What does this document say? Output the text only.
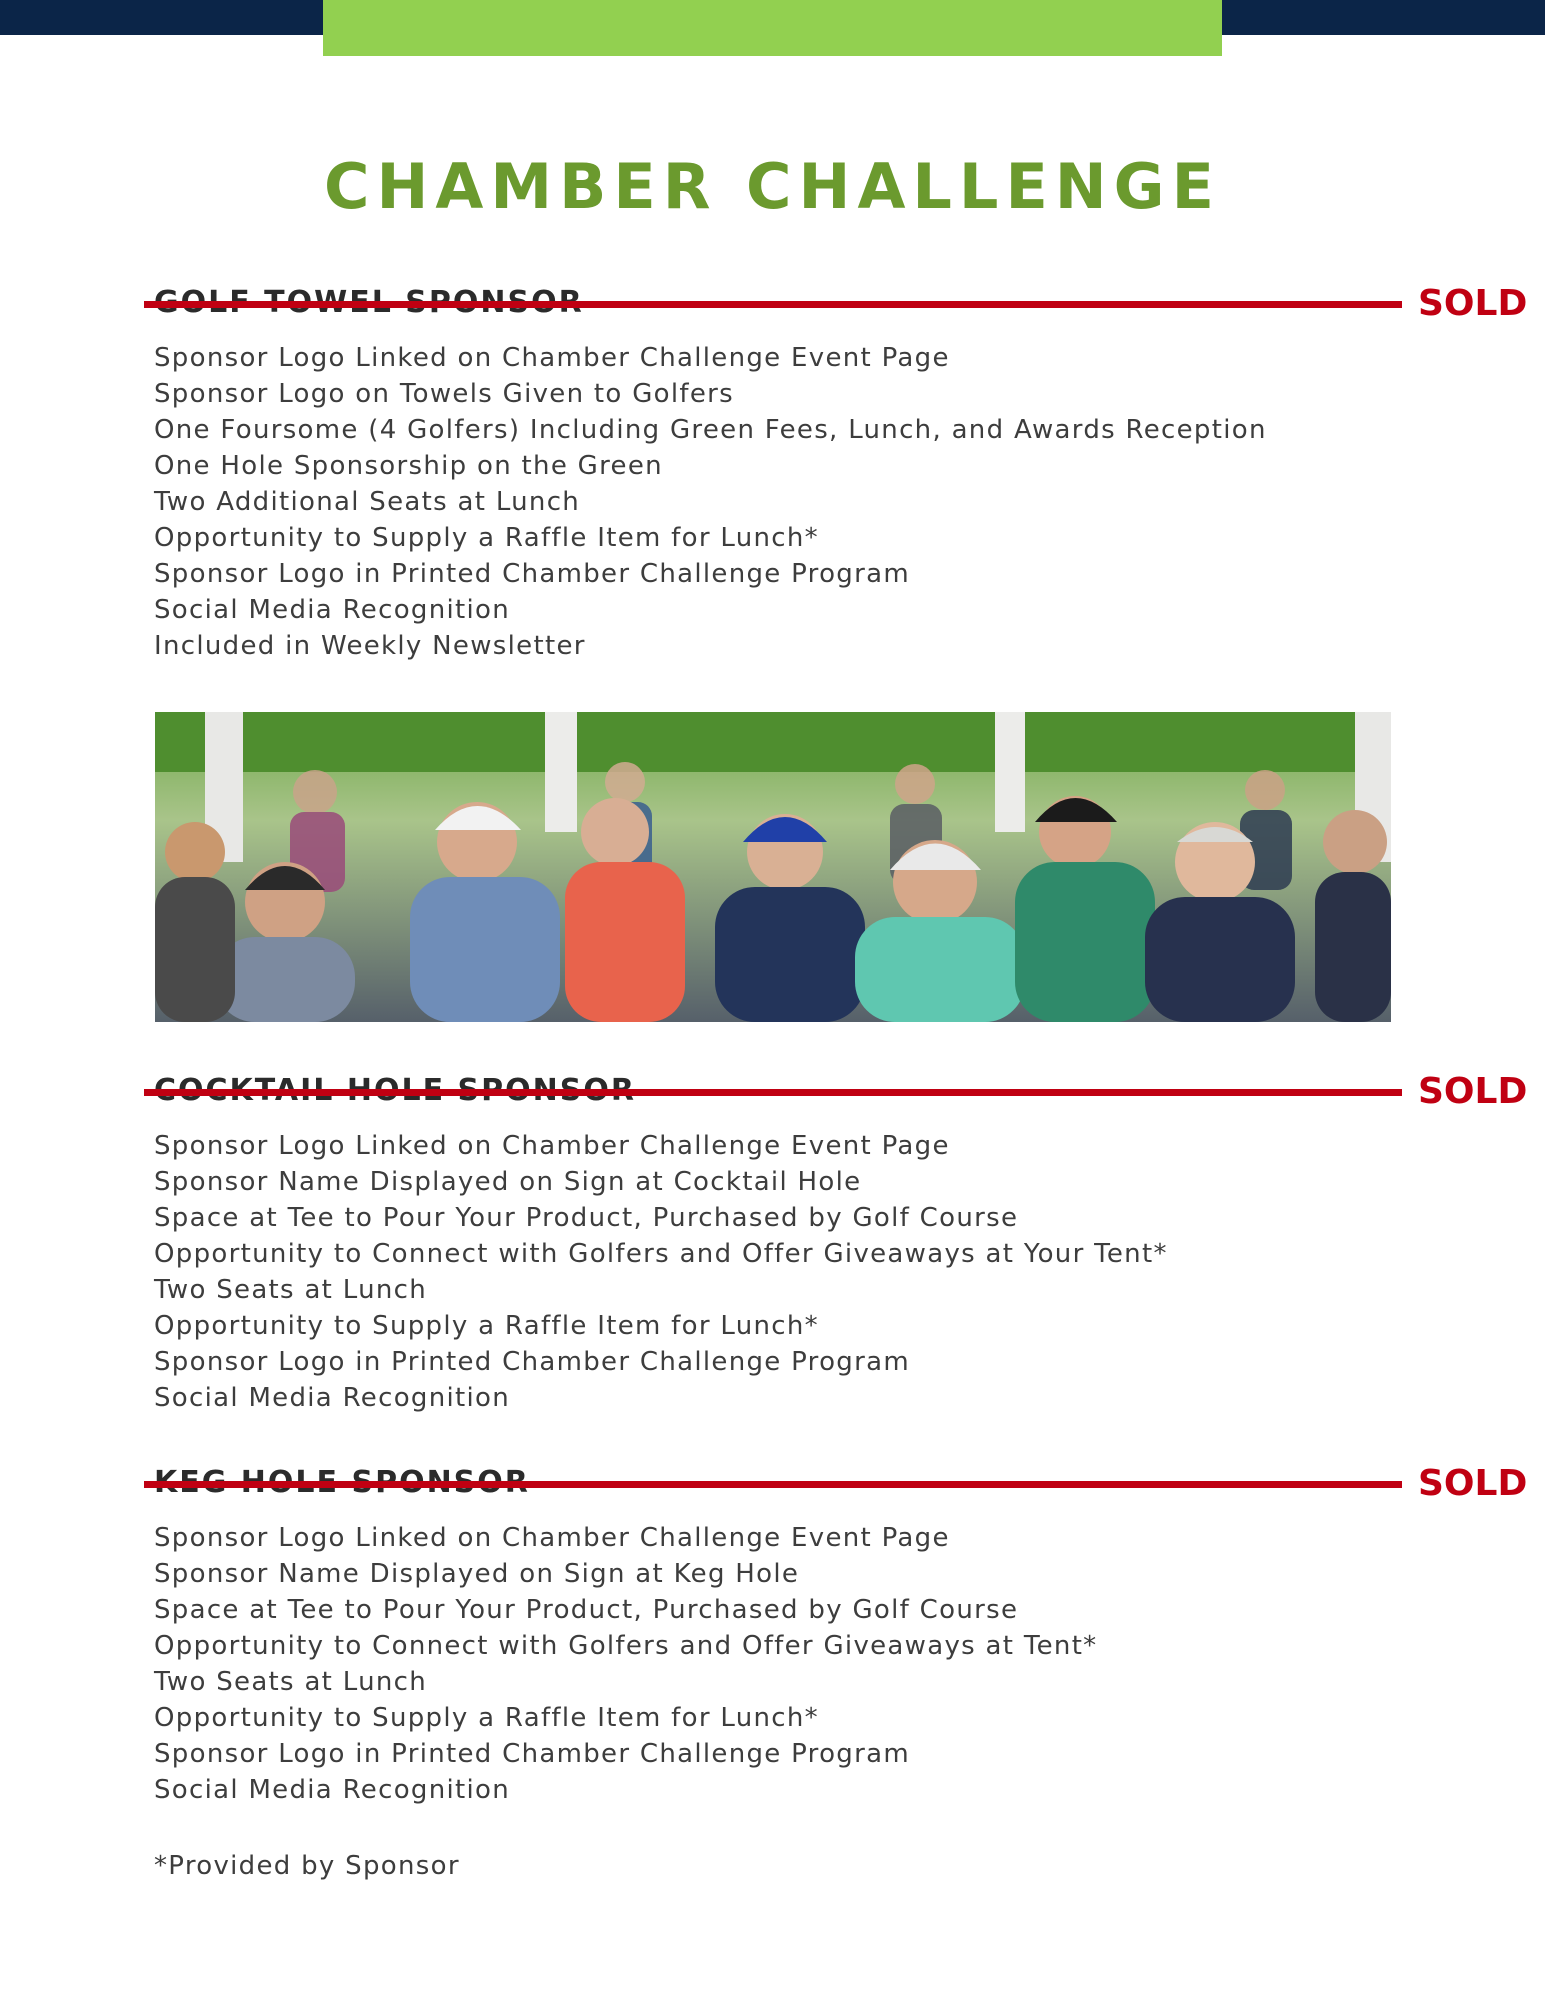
CHAMBER CHALLENGE
SOLD
Sponsor Logo Linked on Chamber Challenge Event Page
Sponsor Logo on Towels Given to Golfers
One Foursome (4 Golfers) Including Green Fees, Lunch, and Awards Reception
One Hole Sponsorship on the Green
Two Additional Seats at Lunch
Opportunity to Supply a Raffle Item for Lunch*
Sponsor Logo in Printed Chamber Challenge Program
Social Media Recognition
Included in Weekly Newsletter
SOLD
Sponsor Logo Linked on Chamber Challenge Event Page
Sponsor Name Displayed on Sign at Cocktail Hole
Space at Tee to Pour Your Product, Purchased by Golf Course
Opportunity to Connect with Golfers and Offer Giveaways at Your Tent*
Two Seats at Lunch
Opportunity to Supply a Raffle Item for Lunch*
Sponsor Logo in Printed Chamber Challenge Program
Social Media Recognition
SOLD
Sponsor Logo Linked on Chamber Challenge Event Page
Sponsor Name Displayed on Sign at Keg Hole
Space at Tee to Pour Your Product, Purchased by Golf Course
Opportunity to Connect with Golfers and Offer Giveaways at Tent*
Two Seats at Lunch
Opportunity to Supply a Raffle Item for Lunch*
Sponsor Logo in Printed Chamber Challenge Program
Social Media Recognition
*Provided by Sponsor
